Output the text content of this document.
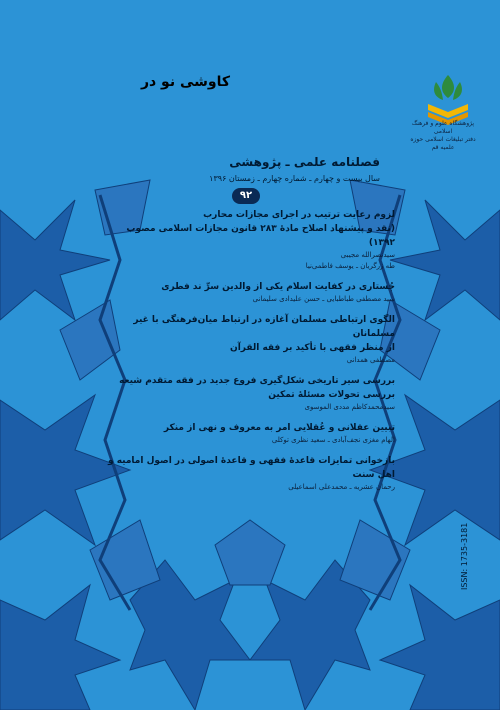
پژوهشگاه علوم و فرهنگ اسلامی
دفتر تبلیغات اسلامی حوزه علمیه قم
کاوشی نو در
فصلنامه علمی ـ پژوهشی
سال بیست و چهارم ـ شماره چهارم ـ زمستان ۱۳۹۶
۹۲
لزوم رعایت ترتیب در اجرای مجازات محارب
(نقد و پیشنهاد اصلاح مادهٔ ۲۸۳ قانون مجازات اسلامی مصوب ۱۳۹۲)
سیدنصرالله مجیبی
طه زرگریان ـ یوسف فاطمی‌نیا
جُستاری در کفایت اسلام یکی از والدین سرِّ ند فطری
سید مصطفی طباطبایی ـ حسن علیدادی سلیمانی
الگوی ارتباطی مسلمان آغازه در ارتباط میان‌فرهنگی با غیر مسلمانان
از منظر فقهی با تأکید بر فقه القرآن
مصطفی همدانی
بررسی سیر تاریخی شکل‌گیری فروع جدید در فقه متقدم شیعه
بررسی تحولات مسئلهٔ تمکین
سیدمحمدکاظم مددی الموسوی
تبیین عقلانی و عُقلایی امر به معروف و نهی از منکر
الهام مغزی نجف‌آبادی ـ سعید نظری توکلی
بازخوانی تمایزات قاعدهٔ فقهی و قاعدهٔ اصولی در اصول امامیه و اهل سنت
رحمان عشریه ـ محمدعلی اسماعیلی
ISSN: 1735-3181
